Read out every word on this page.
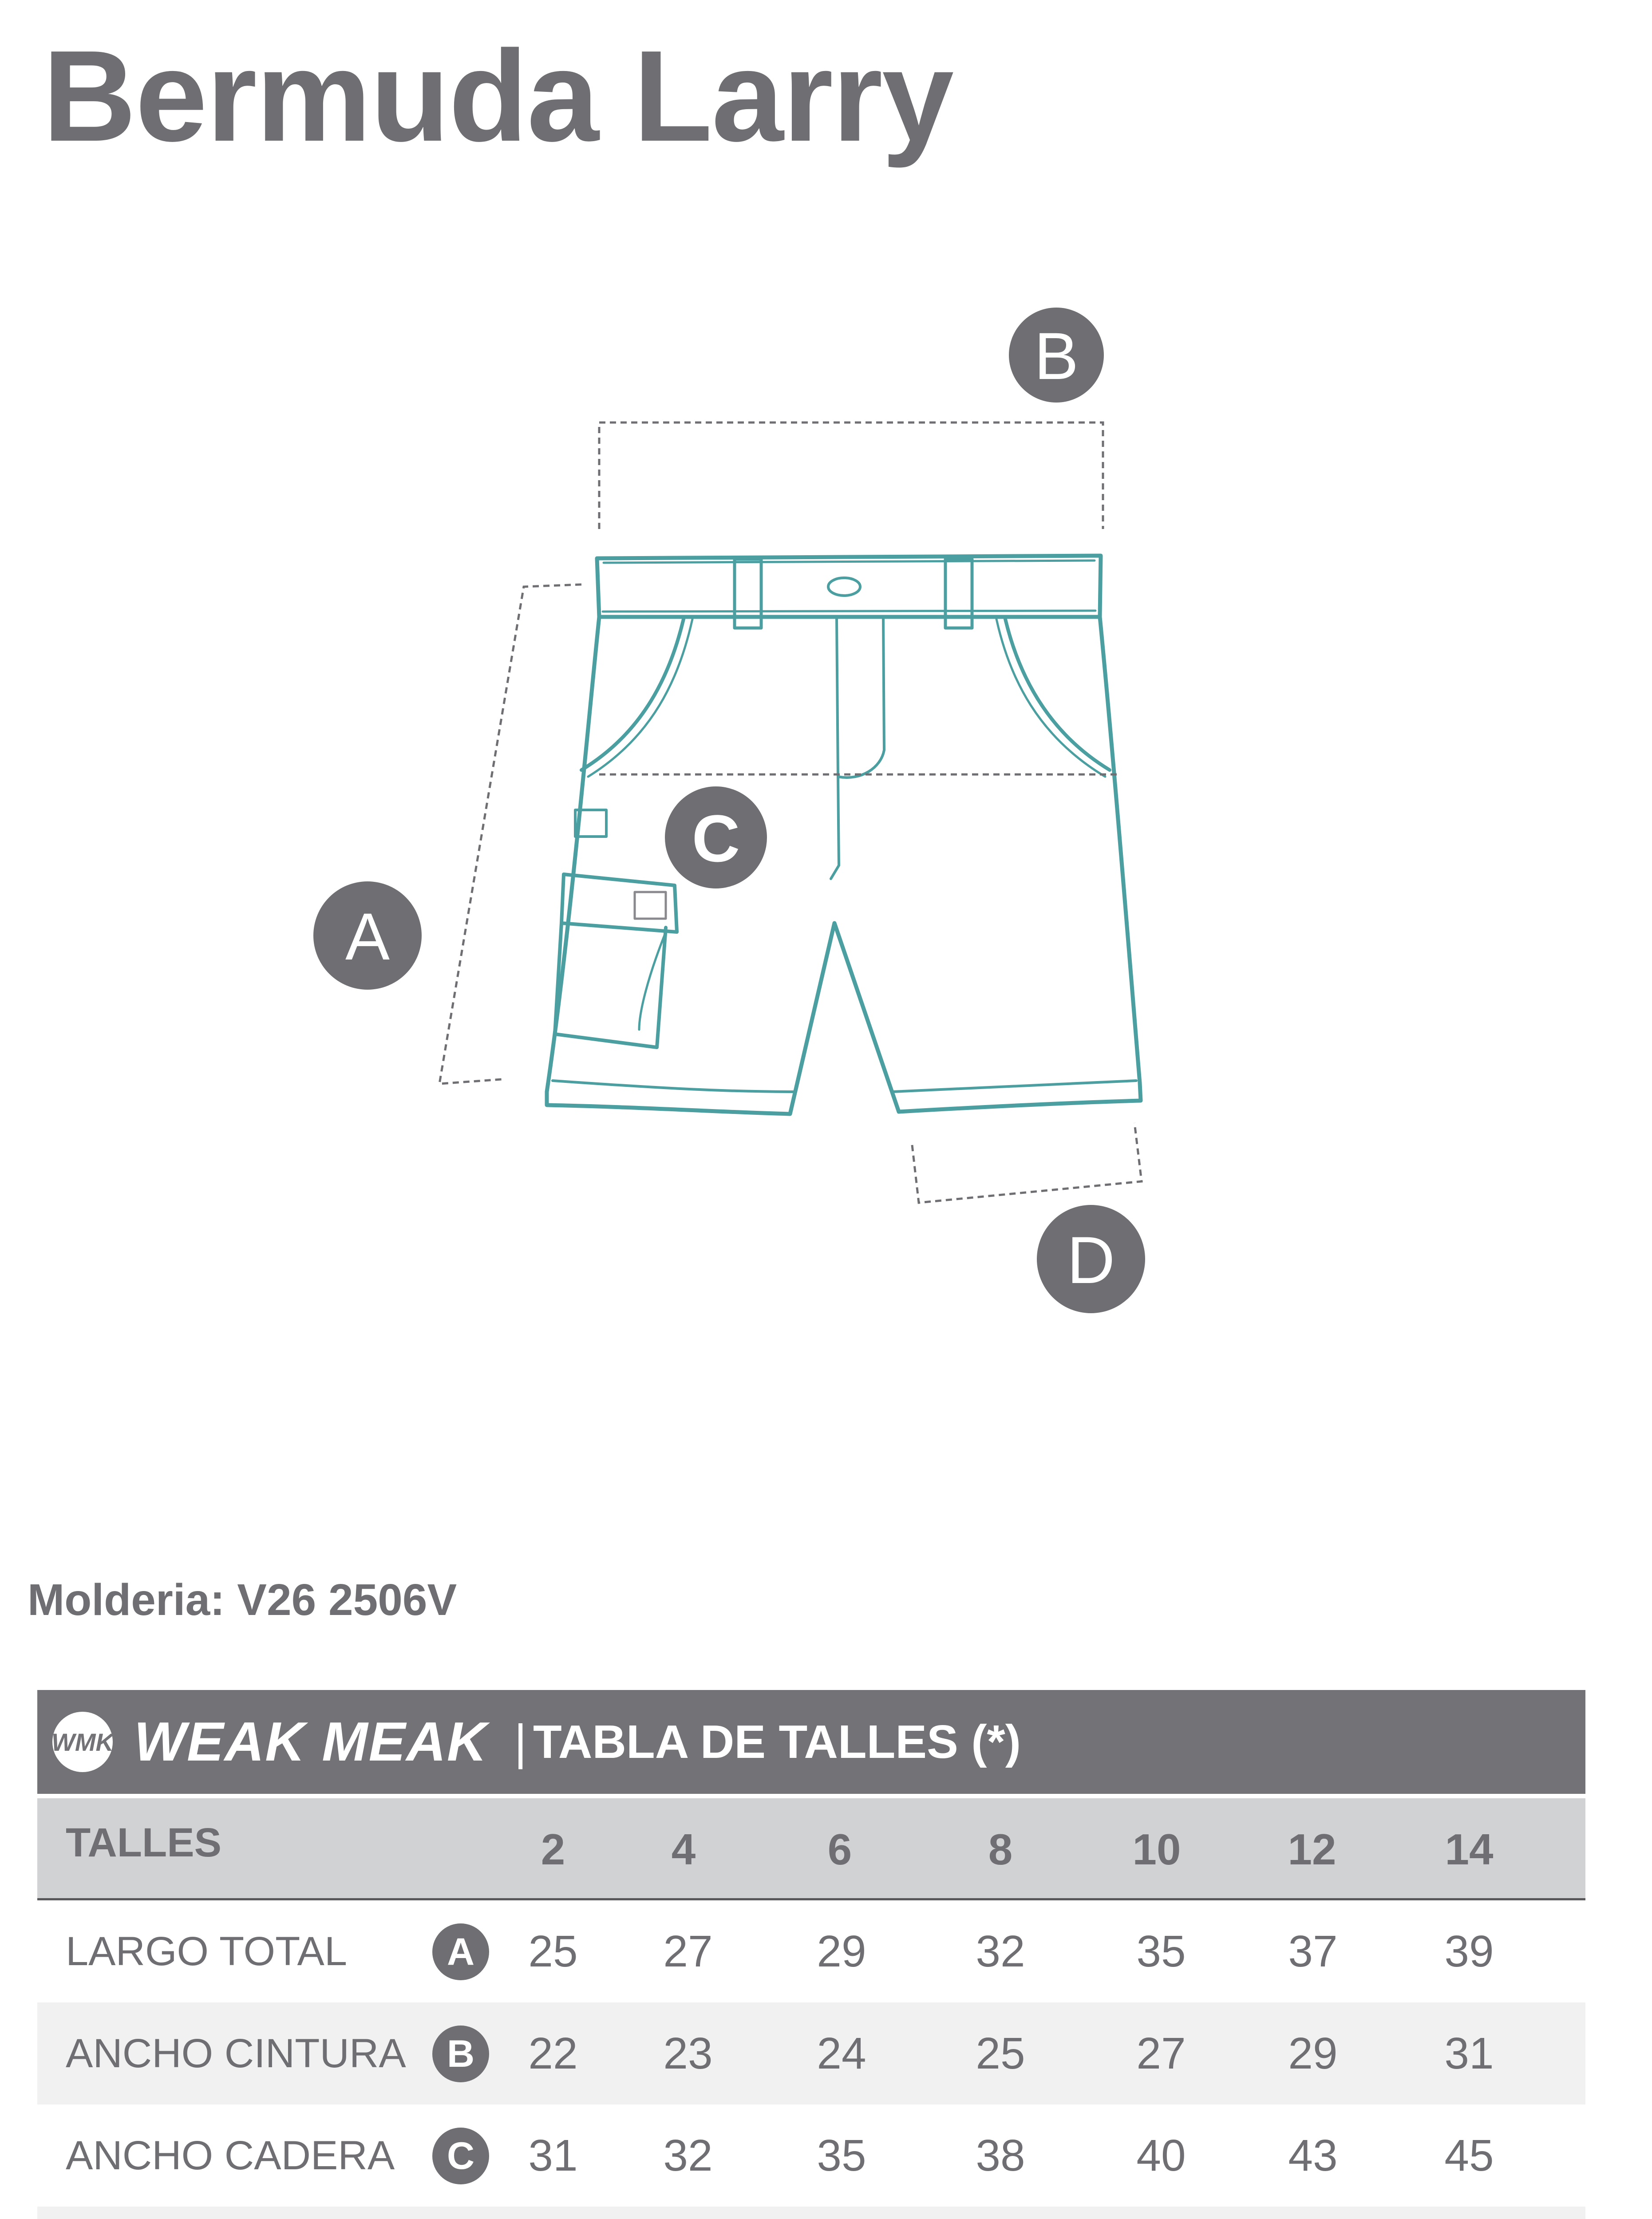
Bermuda Larry
B
C
A
D
Molderia: V26 2506V
WMK WEAK MEAK | TABLA DE TALLES (*)
TALLES	2	4	6	8	10	12	14
LARGO TOTAL	A	25	27	29	32	35	37	39
ANCHO CINTURA	B	22	23	24	25	27	29	31
ANCHO CADERA	C	31	32	35	38	40	43	45
